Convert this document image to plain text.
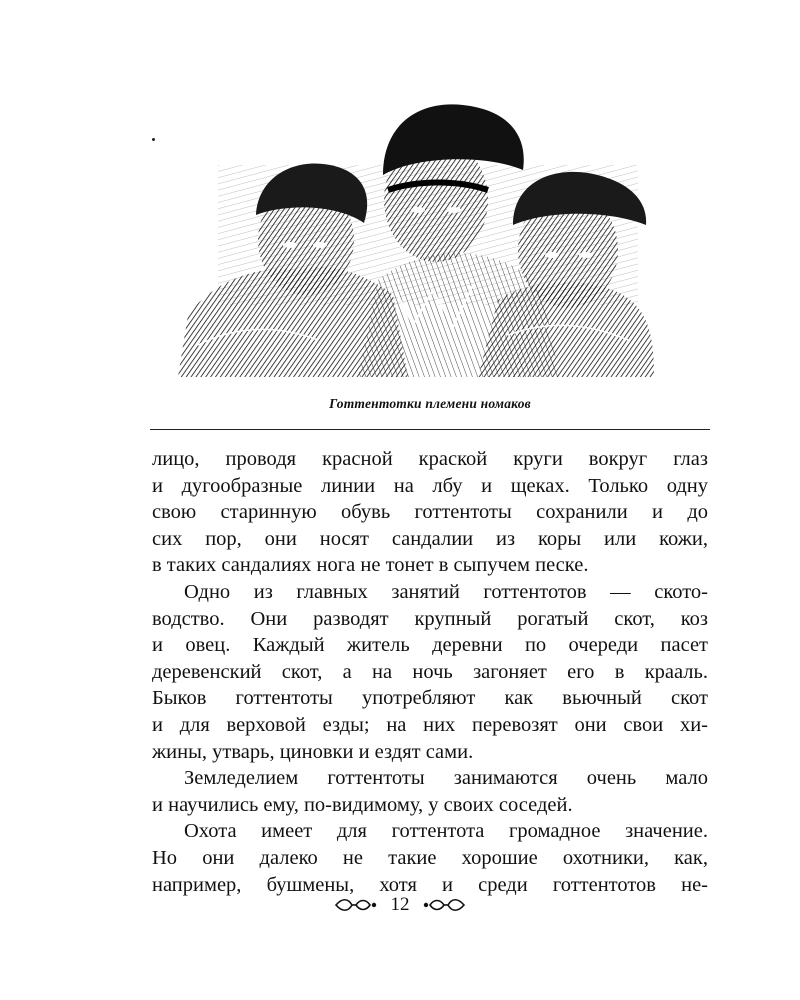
Готтентотки племени номаков
лицо, проводя красной краской круги вокруг глаз
и дугообразные линии на лбу и щеках. Только одну
свою старинную обувь готтентоты сохранили и до
сих пор, они носят сандалии из коры или кожи,
в таких сандалиях нога не тонет в сыпучем песке.
Одно из главных занятий готтентотов — ското-
водство. Они разводят крупный рогатый скот, коз
и овец. Каждый житель деревни по очереди пасет
деревенский скот, а на ночь загоняет его в крааль.
Быков готтентоты употребляют как вьючный скот
и для верховой езды; на них перевозят они свои хи-
жины, утварь, циновки и ездят сами.
Земледелием готтентоты занимаются очень мало
и научились ему, по-видимому, у своих соседей.
Охота имеет для готтентота громадное значение.
Но они далеко не такие хорошие охотники, как,
например, бушмены, хотя и среди готтентотов не-
12
